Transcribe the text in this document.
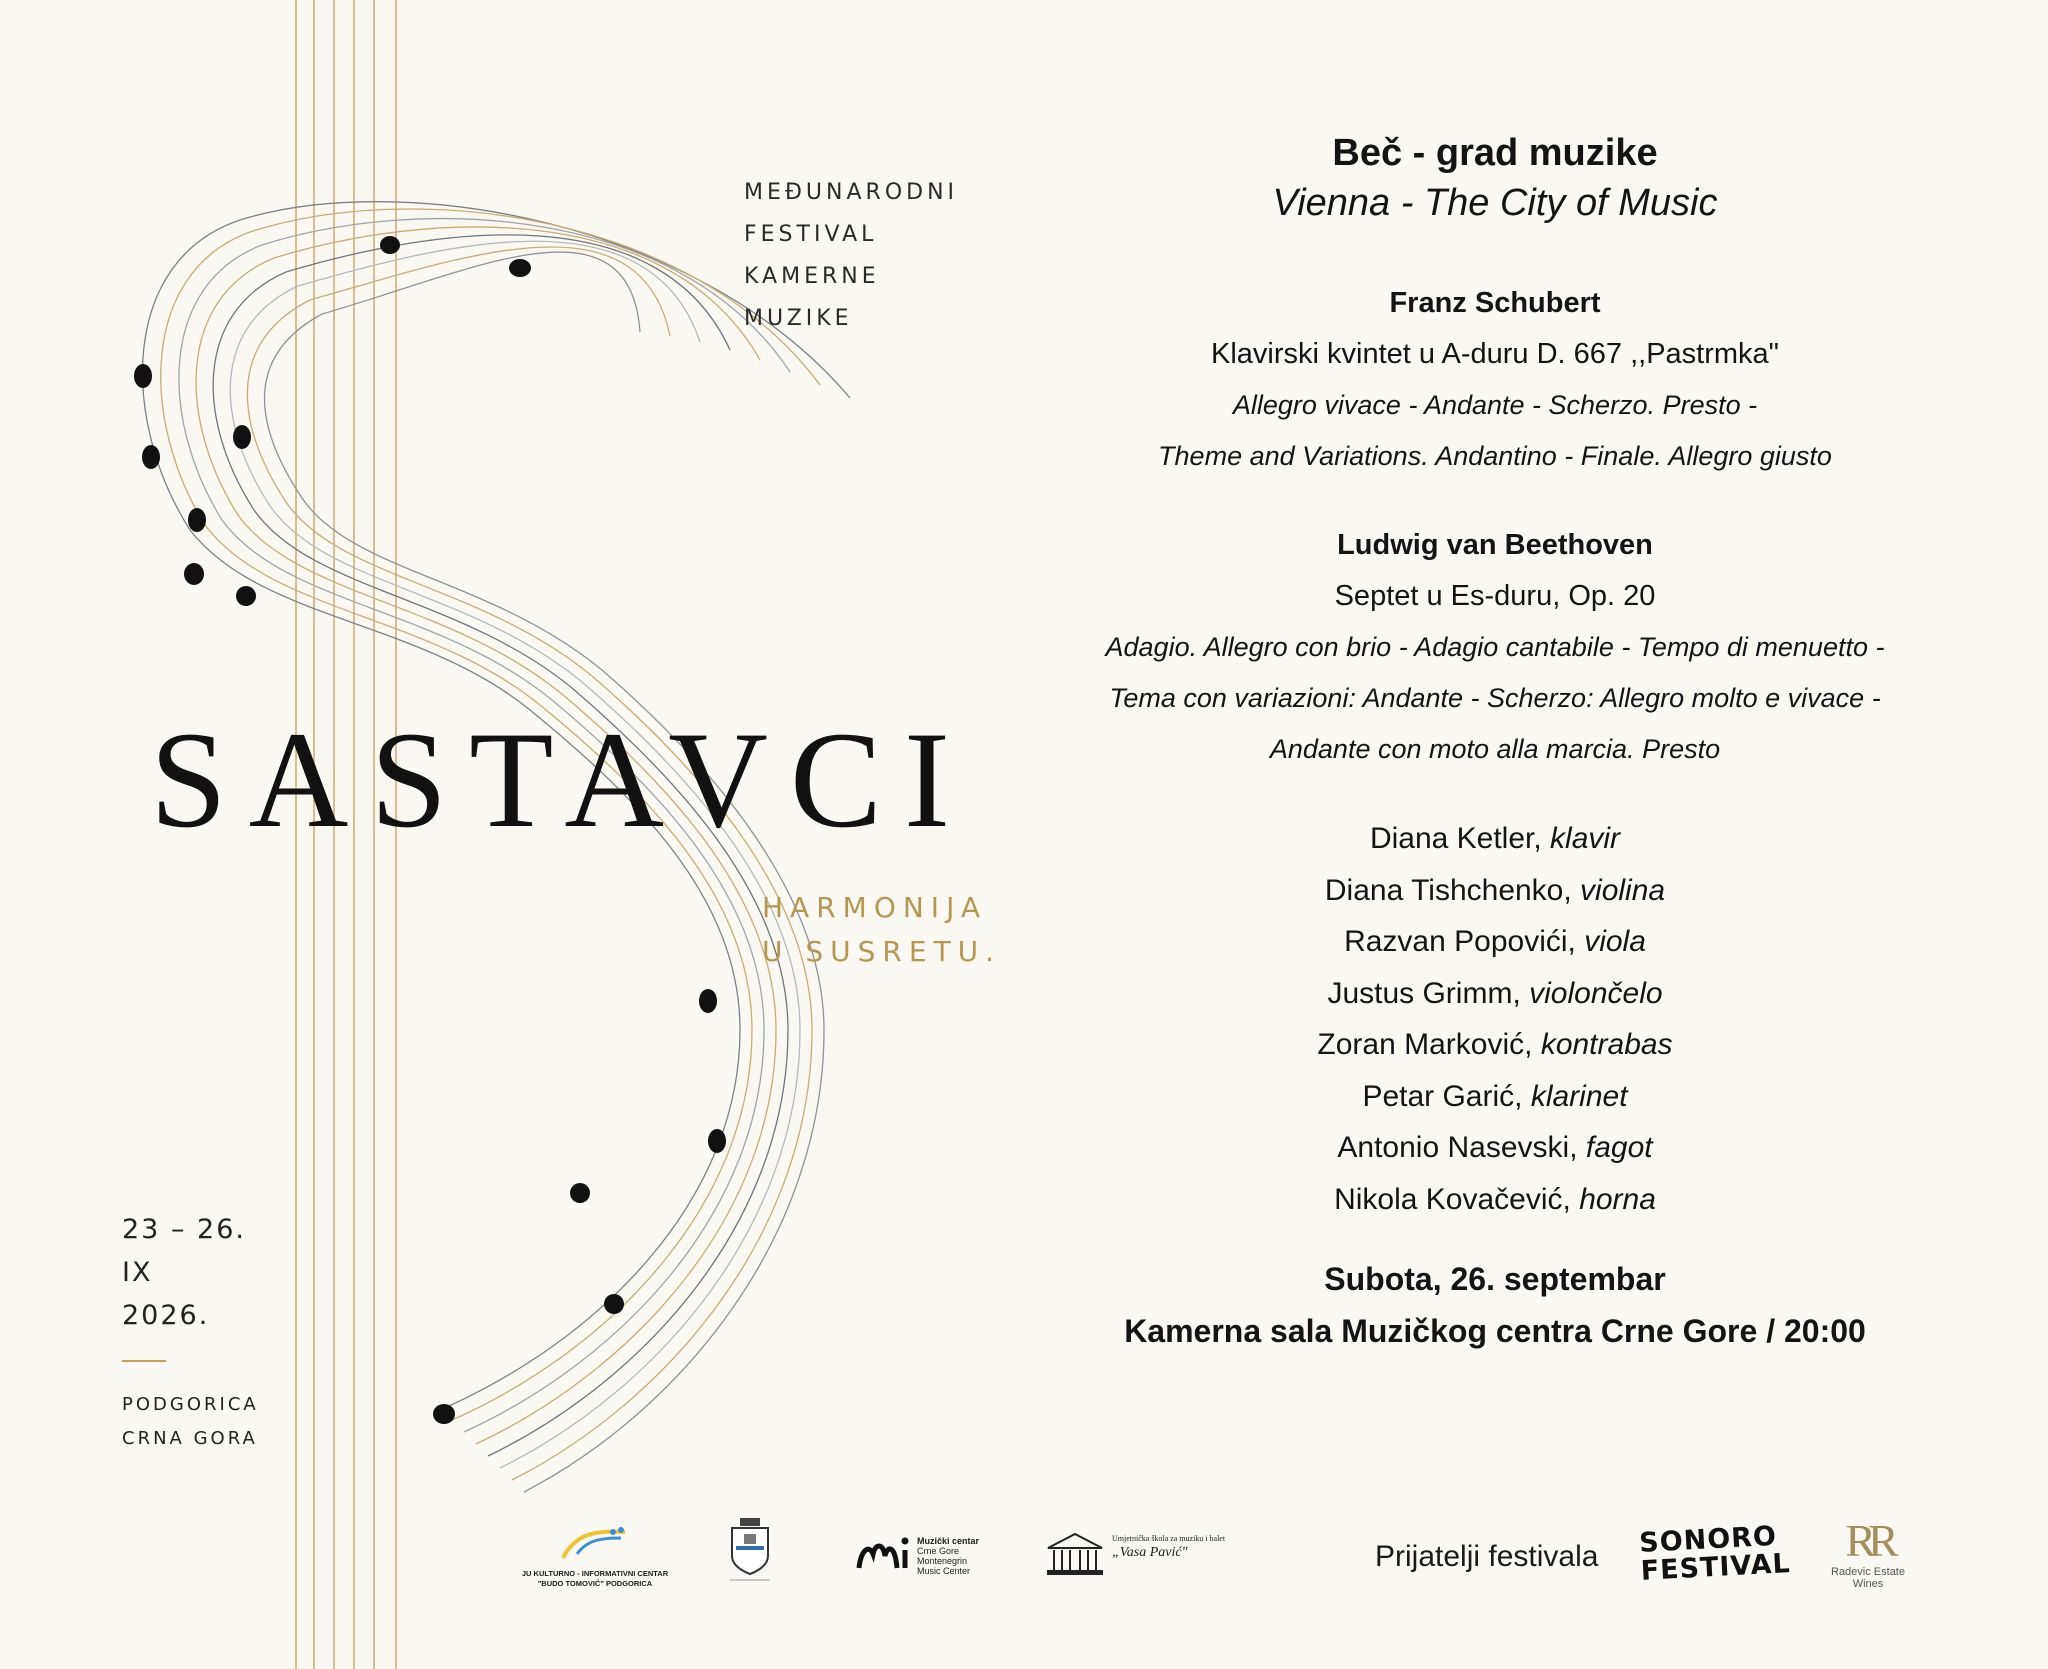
MEĐUNARODNI
FESTIVAL
KAMERNE
MUZIKE
SASTAVCI
HARMONIJA
U SUSRETU.
23 – 26.
IX
2026.
PODGORICA
CRNA GORA
Beč - grad muzike
Vienna - The City of Music
Franz Schubert
Klavirski kvintet u A-duru D. 667 ,,Pastrmka"
Allegro vivace - Andante - Scherzo. Presto -
Theme and Variations. Andantino - Finale. Allegro giusto
Ludwig van Beethoven
Septet u Es-duru, Op. 20
Adagio. Allegro con brio - Adagio cantabile - Tempo di menuetto -
Tema con variazioni: Andante - Scherzo: Allegro molto e vivace -
Andante con moto alla marcia. Presto
Diana Ketler, klavir
Diana Tishchenko, violina
Razvan Popovići, viola
Justus Grimm, violončelo
Zoran Marković, kontrabas
Petar Garić, klarinet
Antonio Nasevski, fagot
Nikola Kovačević, horna
Subota, 26. septembar
Kamerna sala Muzičkog centra Crne Gore / 20:00
JU KULTURNO - INFORMATIVNI CENTAR
"BUDO TOMOVIĆ" PODGORICA
Muzički centar
Crne Gore
Montenegrin
Music Center
Umjetnička škola za muziku i balet
„Vasa Pavić"	Prijatelji festivala SONORO
FESTIVAL
RR
Radevic Estate Wines
